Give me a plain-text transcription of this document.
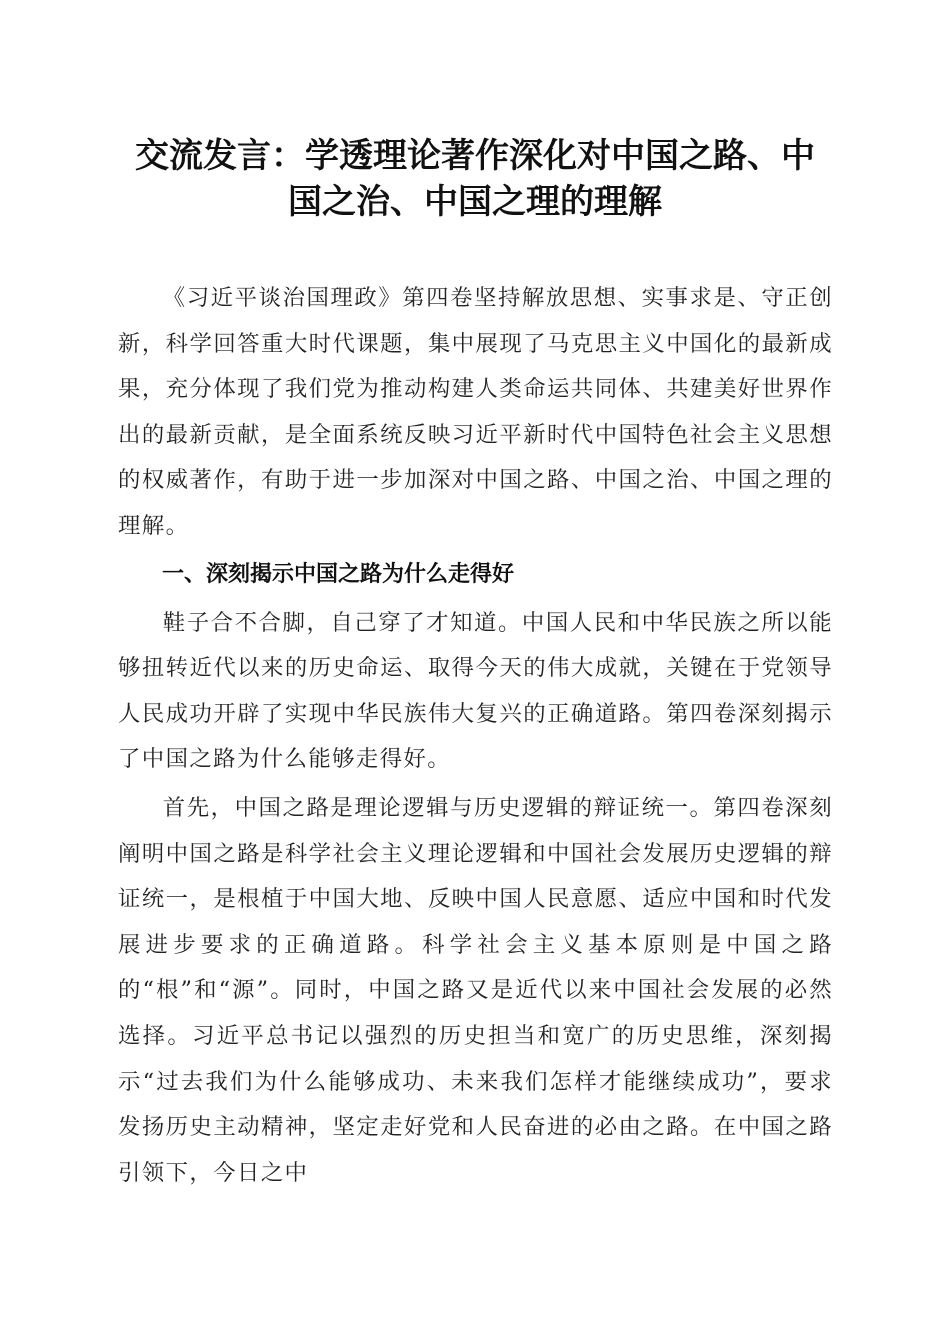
交流发言：学透理论著作深化对中国之路、中
国之治、中国之理的理解

《习近平谈治国理政》第四卷坚持解放思想、实事求是、守正创新，科学回答重大时代课题，集中展现了马克思主义中国化的最新成果，充分体现了我们党为推动构建人类命运共同体、共建美好世界作出的最新贡献，是全面系统反映习近平新时代中国特色社会主义思想的权威著作，有助于进一步加深对中国之路、中国之治、中国之理的理解。

一、深刻揭示中国之路为什么走得好

鞋子合不合脚，自己穿了才知道。中国人民和中华民族之所以能够扭转近代以来的历史命运、取得今天的伟大成就，关键在于党领导人民成功开辟了实现中华民族伟大复兴的正确道路。第四卷深刻揭示了中国之路为什么能够走得好。

首先，中国之路是理论逻辑与历史逻辑的辩证统一。第四卷深刻阐明中国之路是科学社会主义理论逻辑和中国社会发展历史逻辑的辩证统一，是根植于中国大地、反映中国人民意愿、适应中国和时代发展进步要求的正确道路。科学社会主义基本原则是中国之路的“根”和“源”。同时，中国之路又是近代以来中国社会发展的必然选择。习近平总书记以强烈的历史担当和宽广的历史思维，深刻揭示“过去我们为什么能够成功、未来我们怎样才能继续成功”，要求发扬历史主动精神，坚定走好党和人民奋进的必由之路。在中国之路引领下，今日之中
